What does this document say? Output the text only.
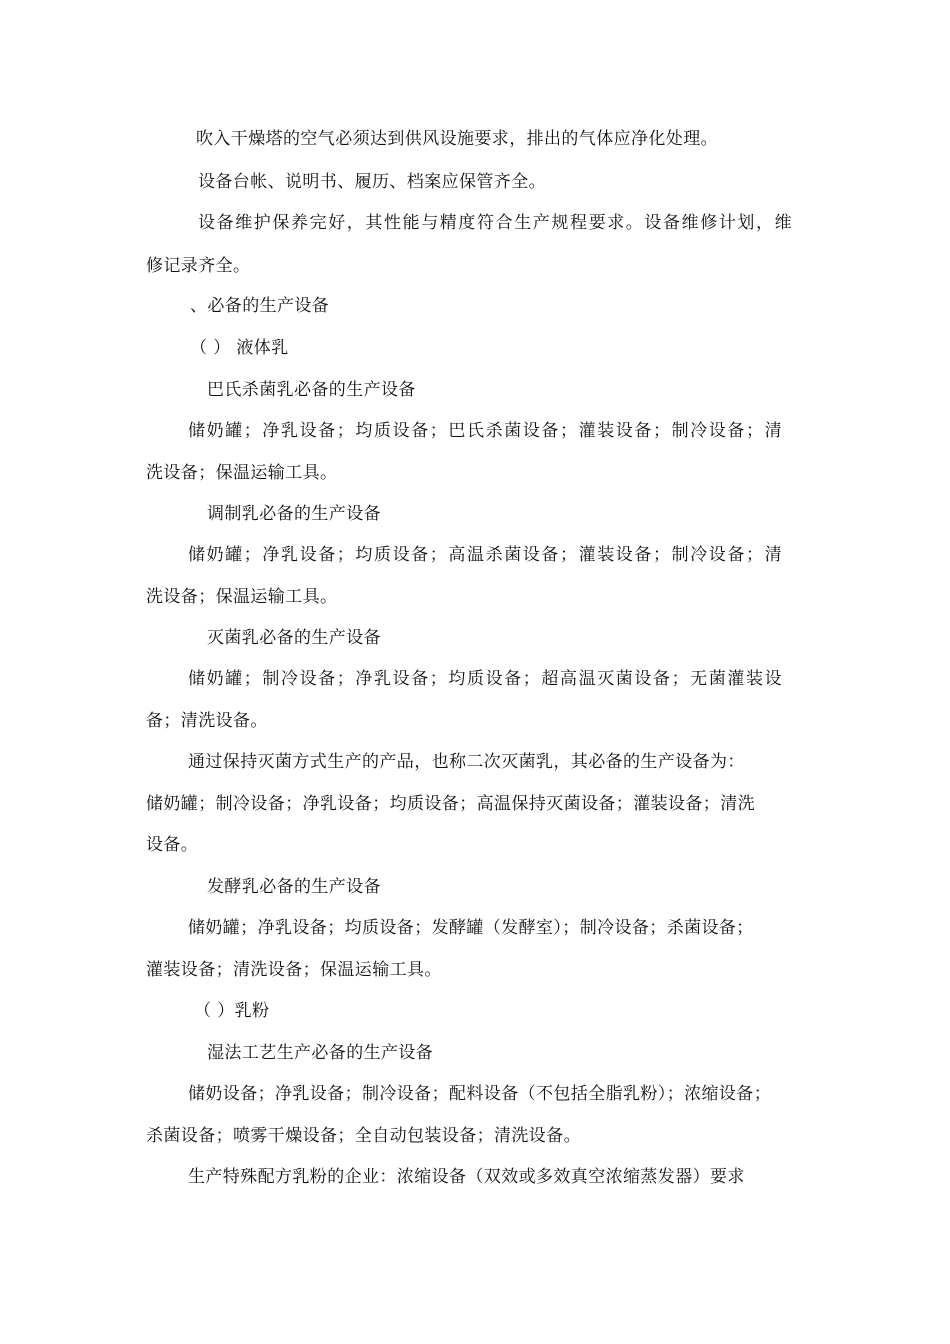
吹入干燥塔的空气必须达到供风设施要求，排出的气体应净化处理。
设备台帐、说明书、履历、档案应保管齐全。
设备维护保养完好，其性能与精度符合生产规程要求。设备维修计划，维
修记录齐全。
、必备的生产设备
（ ） 液体乳
巴氏杀菌乳必备的生产设备
储奶罐；净乳设备；均质设备；巴氏杀菌设备；灌装设备；制冷设备；清
洗设备；保温运输工具。
调制乳必备的生产设备
储奶罐；净乳设备；均质设备；高温杀菌设备；灌装设备；制冷设备；清
洗设备；保温运输工具。
灭菌乳必备的生产设备
储奶罐；制冷设备；净乳设备；均质设备；超高温灭菌设备；无菌灌装设
备；清洗设备。
通过保持灭菌方式生产的产品，也称二次灭菌乳，其必备的生产设备为：
储奶罐；制冷设备；净乳设备；均质设备；高温保持灭菌设备；灌装设备；清洗
设备。
发酵乳必备的生产设备
储奶罐；净乳设备；均质设备；发酵罐（发酵室）；制冷设备；杀菌设备；
灌装设备；清洗设备；保温运输工具。
（ ）乳粉
湿法工艺生产必备的生产设备
储奶设备；净乳设备；制冷设备；配料设备（不包括全脂乳粉）；浓缩设备；
杀菌设备；喷雾干燥设备；全自动包装设备；清洗设备。
生产特殊配方乳粉的企业：浓缩设备（双效或多效真空浓缩蒸发器）要求
